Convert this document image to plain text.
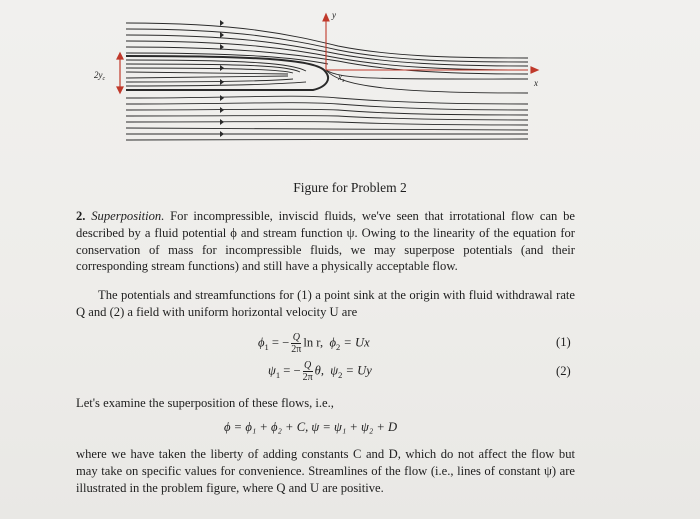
$2y_c$
y
x
$x_s$
Figure for Problem 2

2. Superposition. For incompressible, inviscid fluids, we've seen that irrotational flow can be described by a fluid potential ϕ and stream function ψ. Owing to the linearity of the equation for conservation of mass for incompressible fluids, we may superpose potentials (and their corresponding stream functions) and still have a physically acceptable flow.

The potentials and streamfunctions for (1) a point sink at the origin with fluid withdrawal rate Q and (2) a field with uniform horizontal velocity U are

$\phi_1$ = − $\frac{Q}{2\pi}$ ln r, $\phi_2 = Ux$	(1)
$\psi_1$ = − $\frac{Q}{2\pi} \theta$, $\psi_2 = Uy$	(2)
Let's examine the superposition of these flows, i.e.,
ϕ = ϕ₁ + ϕ₂ + C, ψ = ψ₁ + ψ₂ + D

where we have taken the liberty of adding constants C and D, which do not affect the flow but may take on specific values for convenience. Streamlines of the flow (i.e., lines of constant ψ) are illustrated in the problem figure, where Q and U are positive.
